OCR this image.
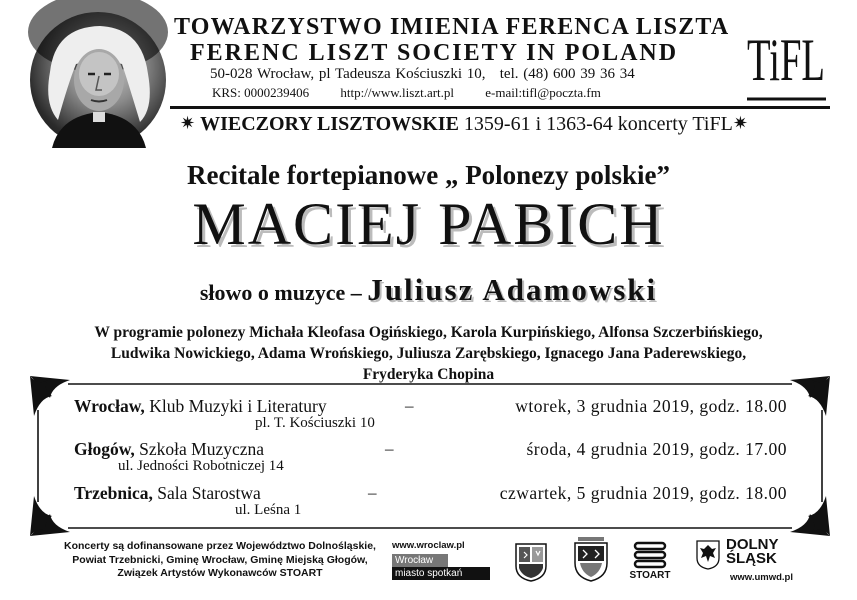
TOWARZYSTWO IMIENIA FERENCA LISZTA
FERENC LISZT SOCIETY IN POLAND
50-028 Wrocław, pl Tadeusza Kościuszki 10, tel. (48) 600 39 36 34
KRS: 0000239406 http://www.liszt.art.pl e-mail:tifl@poczta.fm	TiFL
✷ WIECZORY LISZTOWSKIE 1359-61 i 1363-64 koncerty TiFL✷
Recitale fortepianowe „ Polonezy polskie”
MACIEJ PABICH
słowo o muzyce – Juliusz Adamowski
W programie polonezy Michała Kleofasa Ogińskiego, Karola Kurpińskiego, Alfonsa Szczerbińskiego,
Ludwika Nowickiego, Adama Wrońskiego, Juliusza Zarębskiego, Ignacego Jana Paderewskiego,
Fryderyka Chopina
Wrocław, Klub Muzyki i Literatury
pl. T. Kościuszki 10
–	wtorek, 3 grudnia 2019, godz. 18.00
Głogów, Szkoła Muzyczna
ul. Jedności Robotniczej 14
–	środa, 4 grudnia 2019, godz. 17.00
Trzebnica, Sala Starostwa
ul. Leśna 1
–	czwartek, 5 grudnia 2019, godz. 18.00
Koncerty są dofinansowane przez Województwo Dolnośląskie,
Powiat Trzebnicki, Gminę Wrocław, Gminę Miejską Głogów,
Związek Artystów Wykonawców STOART
www.wroclaw.pl
Wrocław
miasto spotkań	STOART
DOLNY
ŚLĄSK
www.umwd.pl
